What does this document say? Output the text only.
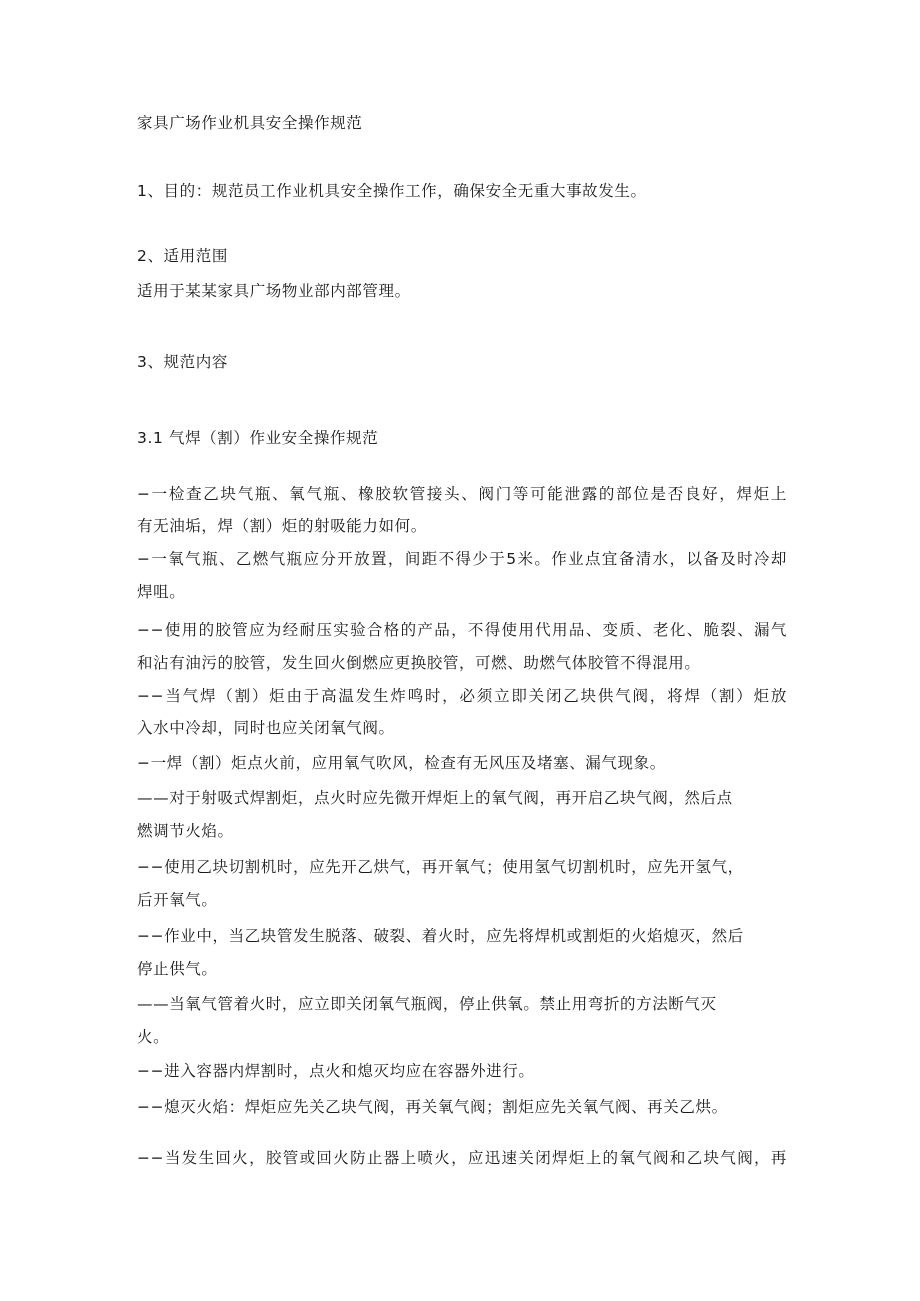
家具广场作业机具安全操作规范
1、目的：规范员工作业机具安全操作工作，确保安全无重大事故发生。
2、适用范围
适用于某某家具广场物业部内部管理。
3、规范内容
3.1 气焊（割）作业安全操作规范
−一检查乙块气瓶、氧气瓶、橡胶软管接头、阀门等可能泄露的部位是否良好，焊炬上
有无油垢，焊（割）炬的射吸能力如何。
−一氧气瓶、乙燃气瓶应分开放置，间距不得少于5米。作业点宜备清水，以备及时冷却
焊咀。
−−使用的胶管应为经耐压实验合格的产品，不得使用代用品、变质、老化、脆裂、漏气
和沾有油污的胶管，发生回火倒燃应更换胶管，可燃、助燃气体胶管不得混用。
−−当气焊（割）炬由于高温发生炸鸣时，必须立即关闭乙块供气阀，将焊（割）炬放
入水中冷却，同时也应关闭氧气阀。
−一焊（割）炬点火前，应用氧气吹风，检查有无风压及堵塞、漏气现象。
——对于射吸式焊割炬，点火时应先微开焊炬上的氧气阀，再开启乙块气阀，然后点
燃调节火焰。
−−使用乙块切割机时，应先开乙烘气，再开氧气；使用氢气切割机时，应先开氢气，
后开氧气。
−−作业中，当乙块管发生脱落、破裂、着火时，应先将焊机或割炬的火焰熄灭，然后
停止供气。
——当氧气管着火时，应立即关闭氧气瓶阀，停止供氧。禁止用弯折的方法断气灭
火。
−−进入容器内焊割时，点火和熄灭均应在容器外进行。
−−熄灭火焰：焊炬应先关乙块气阀，再关氧气阀；割炬应先关氧气阀、再关乙烘。
−−当发生回火，胶管或回火防止器上喷火，应迅速关闭焊炬上的氧气阀和乙块气阀，再
